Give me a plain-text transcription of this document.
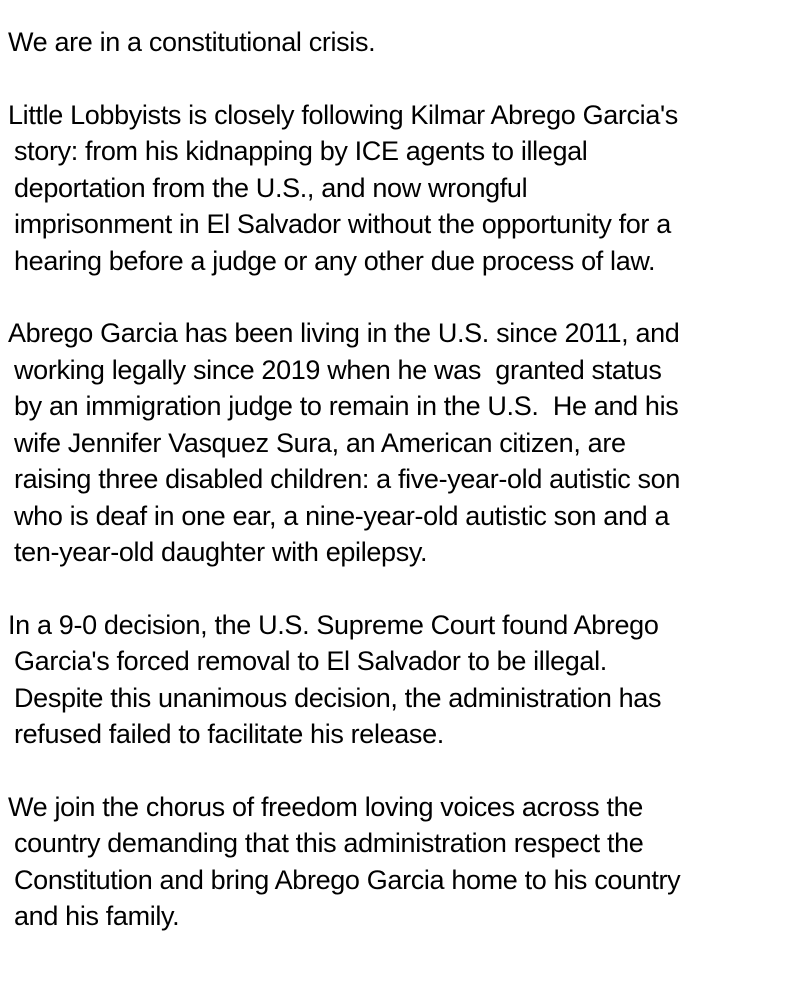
We are in a constitutional crisis.
Little Lobbyists is closely following Kilmar Abrego Garcia's
story: from his kidnapping by ICE agents to illegal
deportation from the U.S., and now wrongful
imprisonment in El Salvador without the opportunity for a
hearing before a judge or any other due process of law.
Abrego Garcia has been living in the U.S. since 2011, and
working legally since 2019 when he was  granted status
by an immigration judge to remain in the U.S.  He and his
wife Jennifer Vasquez Sura, an American citizen, are
raising three disabled children: a five-year-old autistic son
who is deaf in one ear, a nine-year-old autistic son and a
ten-year-old daughter with epilepsy.
In a 9-0 decision, the U.S. Supreme Court found Abrego
Garcia's forced removal to El Salvador to be illegal.
Despite this unanimous decision, the administration has
refused failed to facilitate his release.
We join the chorus of freedom loving voices across the
country demanding that this administration respect the
Constitution and bring Abrego Garcia home to his country
and his family.
